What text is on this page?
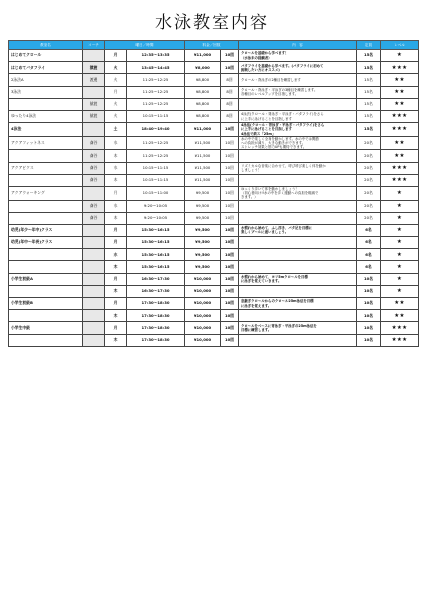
水泳教室内容
教室名	コーチ	曜日／時間		料金／回数		内　容	定員	レベル
はじめてクロール		月	12:35〜13:35	¥11,000	10回	クロールを基礎から学べます！
（水泳未の経験者）	15名	★
はじめてバタフライ	猿渡	火	13:45〜14:45	¥8,000	10回	バタフライを基礎から学べます。(バタフライに初めて
挑戦したい方にオススメ)	15名	★★★
2泳法A	渡邊	火	11:25〜12:25	¥8,800	8回	クロール・背泳ぎの2種目を練習します	15名	★★
3泳法		月	11:25〜12:25	¥8,800	8回	クロール・背泳ぎ・平泳ぎの3種目を練習します。
各種目のレベルアップを目指します。	15名	★★
	猿渡	火	11:25〜12:25	¥8,800	8回		15名	★★
ゆったり4泳法	猿渡	火	10:15〜11:15	¥8,800	8回	4泳法(クロール・背泳ぎ・平泳ぎ・バタフライ)をさら
に上手に泳げることを目指します	15名	★★★
4泳法		土	18:40〜19:40	¥11,000	10回	4泳法(クロール・背泳ぎ・平泳ぎ・バタフライ)をさら
に上手に泳げることを目指します
4泳法で終ス「25m」	15名	★★★
アクアフィットネス	斎谷	水	11:25〜12:25	¥11,500	10回	水の中で楽しく全身を動かします。水の中では関節
への負担が減り、大きな動きができます。
ストレッチ効果と筋力UPも期待できます。	20名	★★
	斎谷	木	11:25〜12:25	¥11,500	10回		20名	★★
アクアビクス	斎谷	水	10:15〜11:15	¥11,500	10回	リズミカルな音楽に合わせて、呼び呼び楽しく体を動か
しましょう！	20名	★★★
	斎谷	木	10:15〜11:15	¥11,500	10回		20名	★★★
アクアウォーキング		月	10:15〜11:00	¥9,500	10回	ゆっくり歩いて体を動かしましょう！
（初心者向け!!水の中を歩く運動への負担を軽減で
きます。）	20名	★
	斎谷	水	9:20〜10:05	¥9,500	10回		20名	★
	斎谷	木	9:20〜10:05	¥9,500	10回		20名	★
幼児(年少〜年中)クラス		月	15:30〜16:15	¥9,500	10回	水慣れから始めて、ふし浮き、バタ足を目標に
楽しくプールに通いましょう。	6名	★
幼児(年中〜年長)クラス		月	15:30〜16:15	¥9,500	10回		6名	★
		水	15:30〜16:15	¥9,500	10回		6名	★
		木	15:30〜16:15	¥9,500	10回		6名	★
小学生初級A		月	16:30〜17:30	¥10,000	10回	水慣れから始めて、ヨリ5mクロールを目標
に泳ぎを覚えていきます。	10名	★
		木	16:30〜17:30	¥10,000	10回		10名	★
小学生初級B		月	17:30〜18:30	¥10,000	10回	息継ぎクロールからのクロール25m泳法を目標
に泳ぎを覚えます。	10名	★★
		木	17:30〜18:30	¥10,000	10回		10名	★★
小学生中級		月	17:30〜18:30	¥10,000	10回	クロールをベースに背泳ぎ・平泳ぎの25m泳法を
目標に練習します。	10名	★★★
		木	17:30〜18:30	¥10,000	10回		10名	★★★
